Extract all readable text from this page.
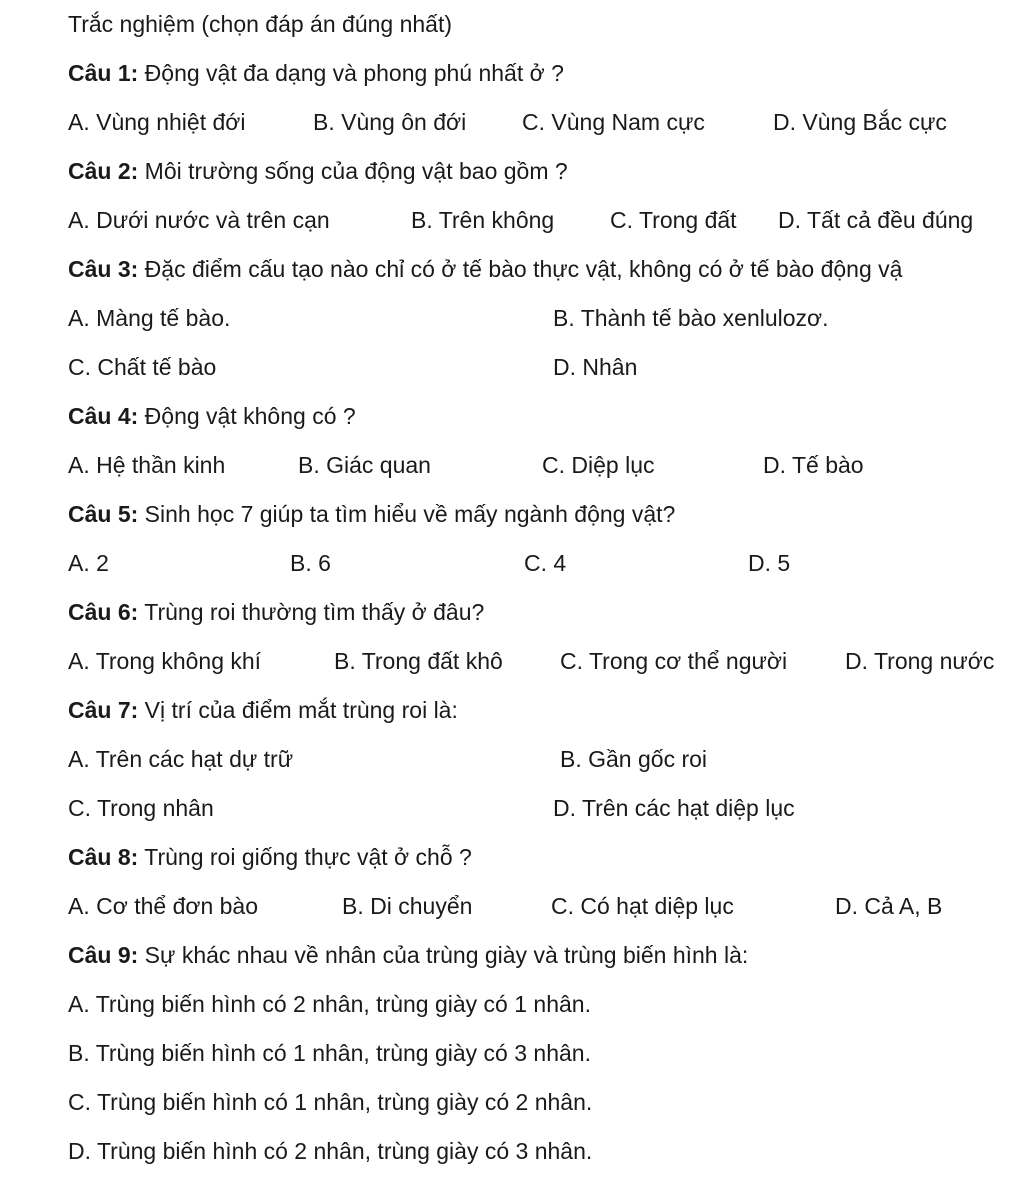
Trắc nghiệm (chọn đáp án đúng nhất)
Câu 1: Động vật đa dạng và phong phú nhất ở ?
A. Vùng nhiệt đới	B. Vùng ôn đới C. Vùng Nam cực	D. Vùng Bắc cực
Câu 2: Môi trường sống của động vật bao gồm ?
A. Dưới nước và trên cạn	B. Trên không C. Trong đất D. Tất cả đều đúng
Câu 3: Đặc điểm cấu tạo nào chỉ có ở tế bào thực vật, không có ở tế bào động vậ
A. Màng tế bào.	B. Thành tế bào xenlulozơ.
C. Chất tế bào	D. Nhân
Câu 4: Động vật không có ?
A. Hệ thần kinh	B. Giác quan	C. Diệp lục	D. Tế bào
Câu 5: Sinh học 7 giúp ta tìm hiểu về mấy ngành động vật?
A. 2	B. 6	C. 4	D. 5
Câu 6: Trùng roi thường tìm thấy ở đâu?
A. Trong không khí	B. Trong đất khô C. Trong cơ thể người	D. Trong nước
Câu 7: Vị trí của điểm mắt trùng roi là:
A. Trên các hạt dự trữ	B. Gần gốc roi
C. Trong nhân	D. Trên các hạt diệp lục
Câu 8: Trùng roi giống thực vật ở chỗ ?
A. Cơ thể đơn bào	B. Di chuyển	C. Có hạt diệp lục	D. Cả A, B
Câu 9: Sự khác nhau về nhân của trùng giày và trùng biến hình là:
A. Trùng biến hình có 2 nhân, trùng giày có 1 nhân.
B. Trùng biến hình có 1 nhân, trùng giày có 3 nhân.
C. Trùng biến hình có 1 nhân, trùng giày có 2 nhân.
D. Trùng biến hình có 2 nhân, trùng giày có 3 nhân.
